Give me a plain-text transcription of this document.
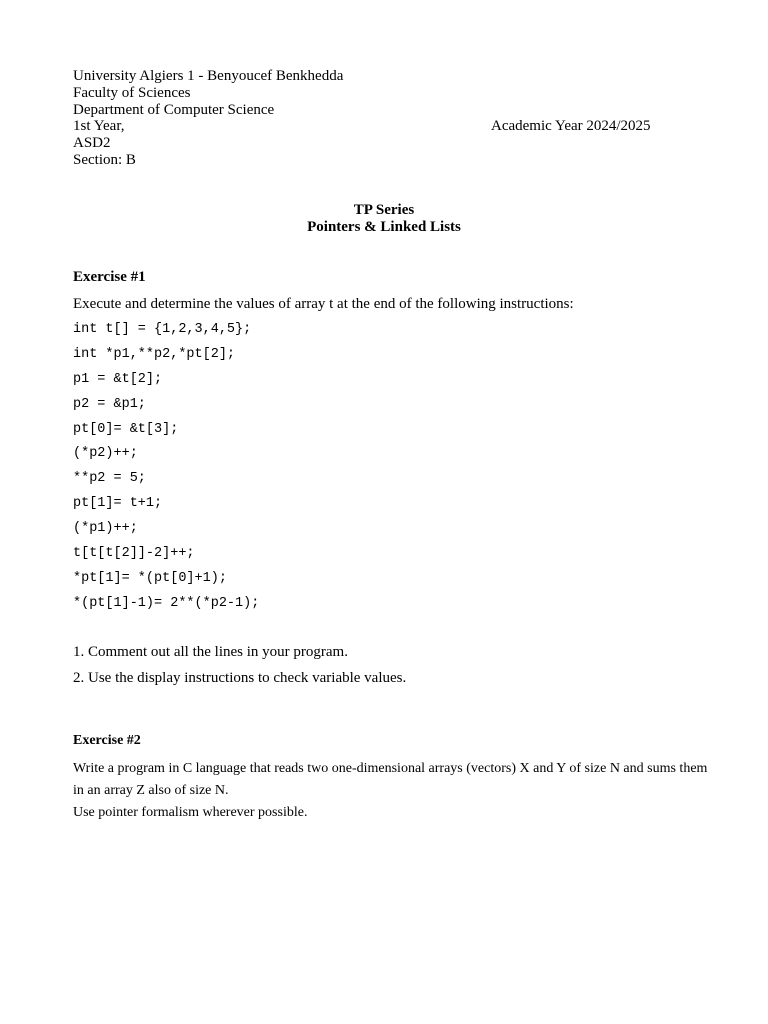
University Algiers 1 - Benyoucef Benkhedda
Faculty of Sciences
Department of Computer Science
1st Year,	Academic Year 2024/2025
ASD2
Section: B
TP Series
Pointers & Linked Lists
Exercise #1
Execute and determine the values of array t at the end of the following instructions:
int t[] = {1,2,3,4,5};
int *p1,**p2,*pt[2];
p1 = &t[2];
p2 = &p1;
pt[0]= &t[3];
(*p2)++;
**p2 = 5;
pt[1]= t+1;
(*p1)++;
t[t[t[2]]-2]++;
*pt[1]= *(pt[0]+1);
*(pt[1]-1)= 2**(*p2-1);
1. Comment out all the lines in your program.
2. Use the display instructions to check variable values.
Exercise #2

Write a program in C language that reads two one-dimensional arrays (vectors) X and Y of size N and sums them in an array Z also of size N.

Use pointer formalism wherever possible.
